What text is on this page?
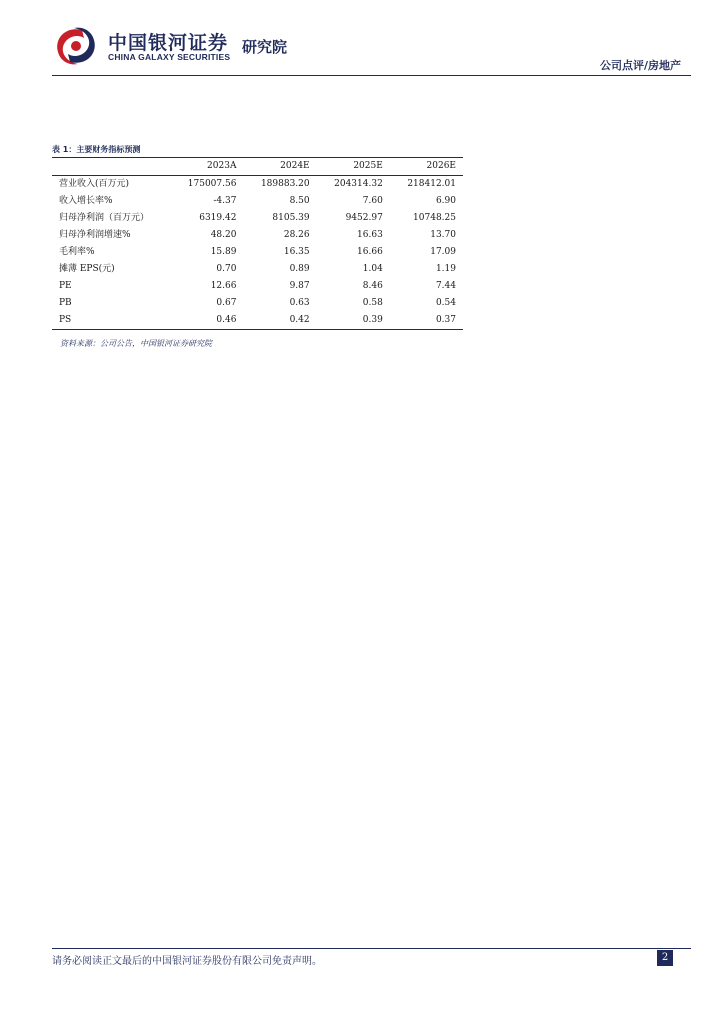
中国银河证券
CHINA GALAXY SECURITIES
研究院
公司点评/房地产
表 1：主要财务指标预测
	2023A	2024E	2025E	2026E
营业收入(百万元)	175007.56	189883.20	204314.32	218412.01
收入增长率%	-4.37	8.50	7.60	6.90
归母净利润（百万元）	6319.42	8105.39	9452.97	10748.25
归母净利润增速%	48.20	28.26	16.63	13.70
毛利率%	15.89	16.35	16.66	17.09
摊薄 EPS(元)	0.70	0.89	1.04	1.19
PE	12.66	9.87	8.46	7.44
PB	0.67	0.63	0.58	0.54
PS	0.46	0.42	0.39	0.37
资料来源：公司公告，中国银河证券研究院
请务必阅读正文最后的中国银河证券股份有限公司免责声明。	2
